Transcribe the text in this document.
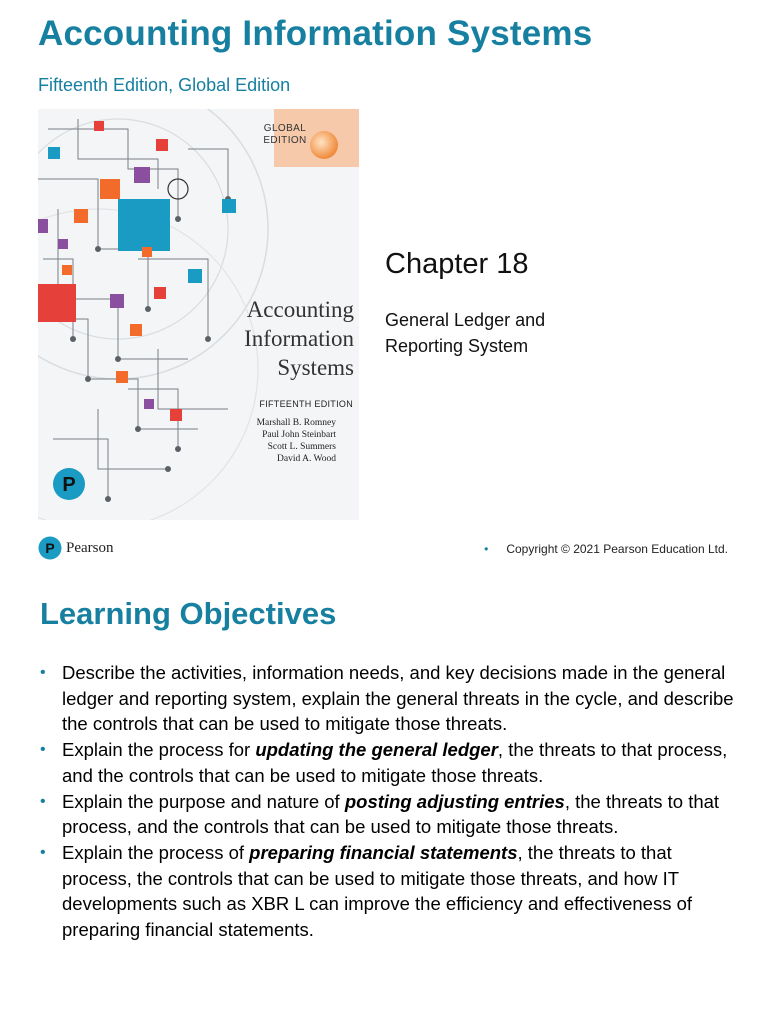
Accounting Information Systems
Fifteenth Edition, Global Edition
GLOBAL
EDITION
Accounting
Information
Systems
FIFTEENTH EDITION
Marshall B. Romney
Paul John Steinbart
Scott L. Summers
David A. Wood
P
Chapter 18
General Ledger and
Reporting System
P Pearson	• Copyright © 2021 Pearson Education Ltd.
Learning Objectives
• Describe the activities, information needs, and key decisions made in the general ledger and reporting system, explain the general threats in the cycle, and describe the controls that can be used to mitigate those threats.
• Explain the process for updating the general ledger, the threats to that process, and the controls that can be used to mitigate those threats.
• Explain the purpose and nature of posting adjusting entries, the threats to that process, and the controls that can be used to mitigate those threats.
• Explain the process of preparing financial statements, the threats to that process, the controls that can be used to mitigate those threats, and how IT developments such as XBR L can improve the efficiency and effectiveness of preparing financial statements.
